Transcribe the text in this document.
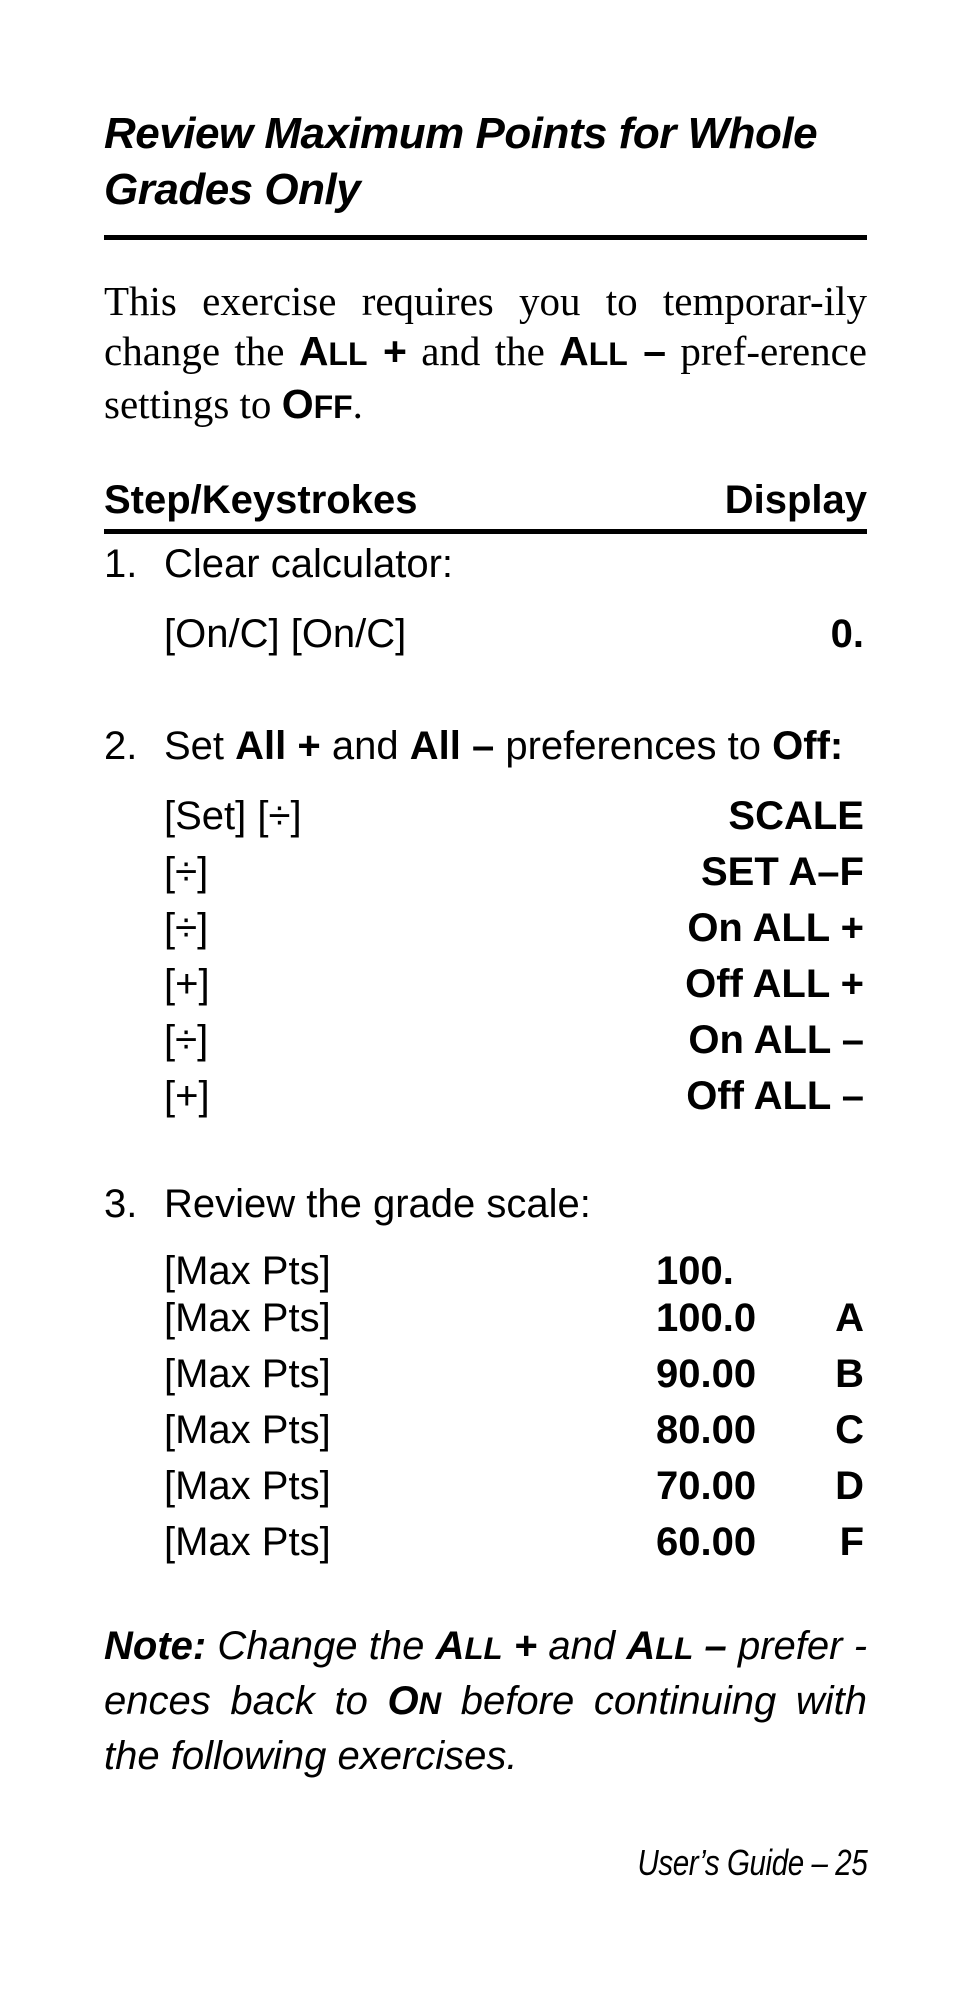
Review Maximum Points for Whole Grades Only
This exercise requires you to temporar-ily change the ALL + and the ALL – pref-erence settings to OFF.
Step/Keystrokes	Display
1. Clear calculator:
[On/C] [On/C]	0.
2. Set All + and All – preferences to Off:
[Set] [÷]	SCALE
[÷]	SET A–F
[÷]	On ALL +
[+]	Off ALL +
[÷]	On ALL –
[+]	Off ALL –
3. Review the grade scale:
[Max Pts]	100.
[Max Pts]	100.0 A
[Max Pts]	90.00 B
[Max Pts]	80.00 C
[Max Pts]	70.00 D
[Max Pts]	60.00 F
Note: Change the ALL + and ALL – prefer - ences back to ON before continuing with the following exercises.
User’s Guide – 25
